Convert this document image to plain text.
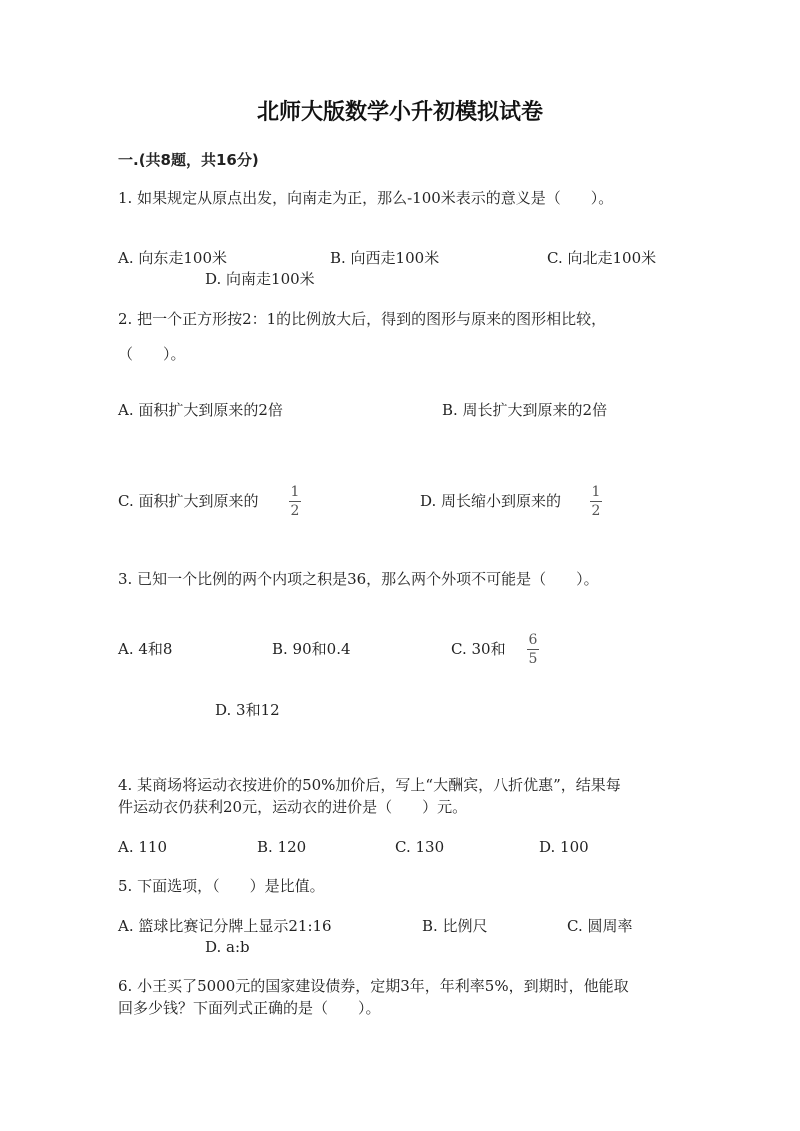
北师大版数学小升初模拟试卷
一.(共8题，共16分)
1. 如果规定从原点出发，向南走为正，那么-100米表示的意义是（　　）。
A. 向东走100米	B. 向西走100米	C. 向北走100米
D. 向南走100米
2. 把一个正方形按2：1的比例放大后，得到的图形与原来的图形相比较，
（　　）。
A. 面积扩大到原来的2倍	B. 周长扩大到原来的2倍
C. 面积扩大到原来的 1
2
D. 周长缩小到原来的 1
2
3. 已知一个比例的两个内项之积是36，那么两个外项不可能是（　　）。
A. 4和8	B. 90和0.4	C. 30和 6
5
D. 3和12
4. 某商场将运动衣按进价的50%加价后，写上“大酬宾，八折优惠”，结果每
件运动衣仍获利20元，运动衣的进价是（　　）元。
A. 110	B. 120	C. 130	D. 100
5. 下面选项，（　　）是比值。
A. 篮球比赛记分牌上显示21:16	B. 比例尺	C. 圆周率
D. a:b
6. 小王买了5000元的国家建设债券，定期3年，年利率5%，到期时，他能取
回多少钱？下面列式正确的是（　　）。
